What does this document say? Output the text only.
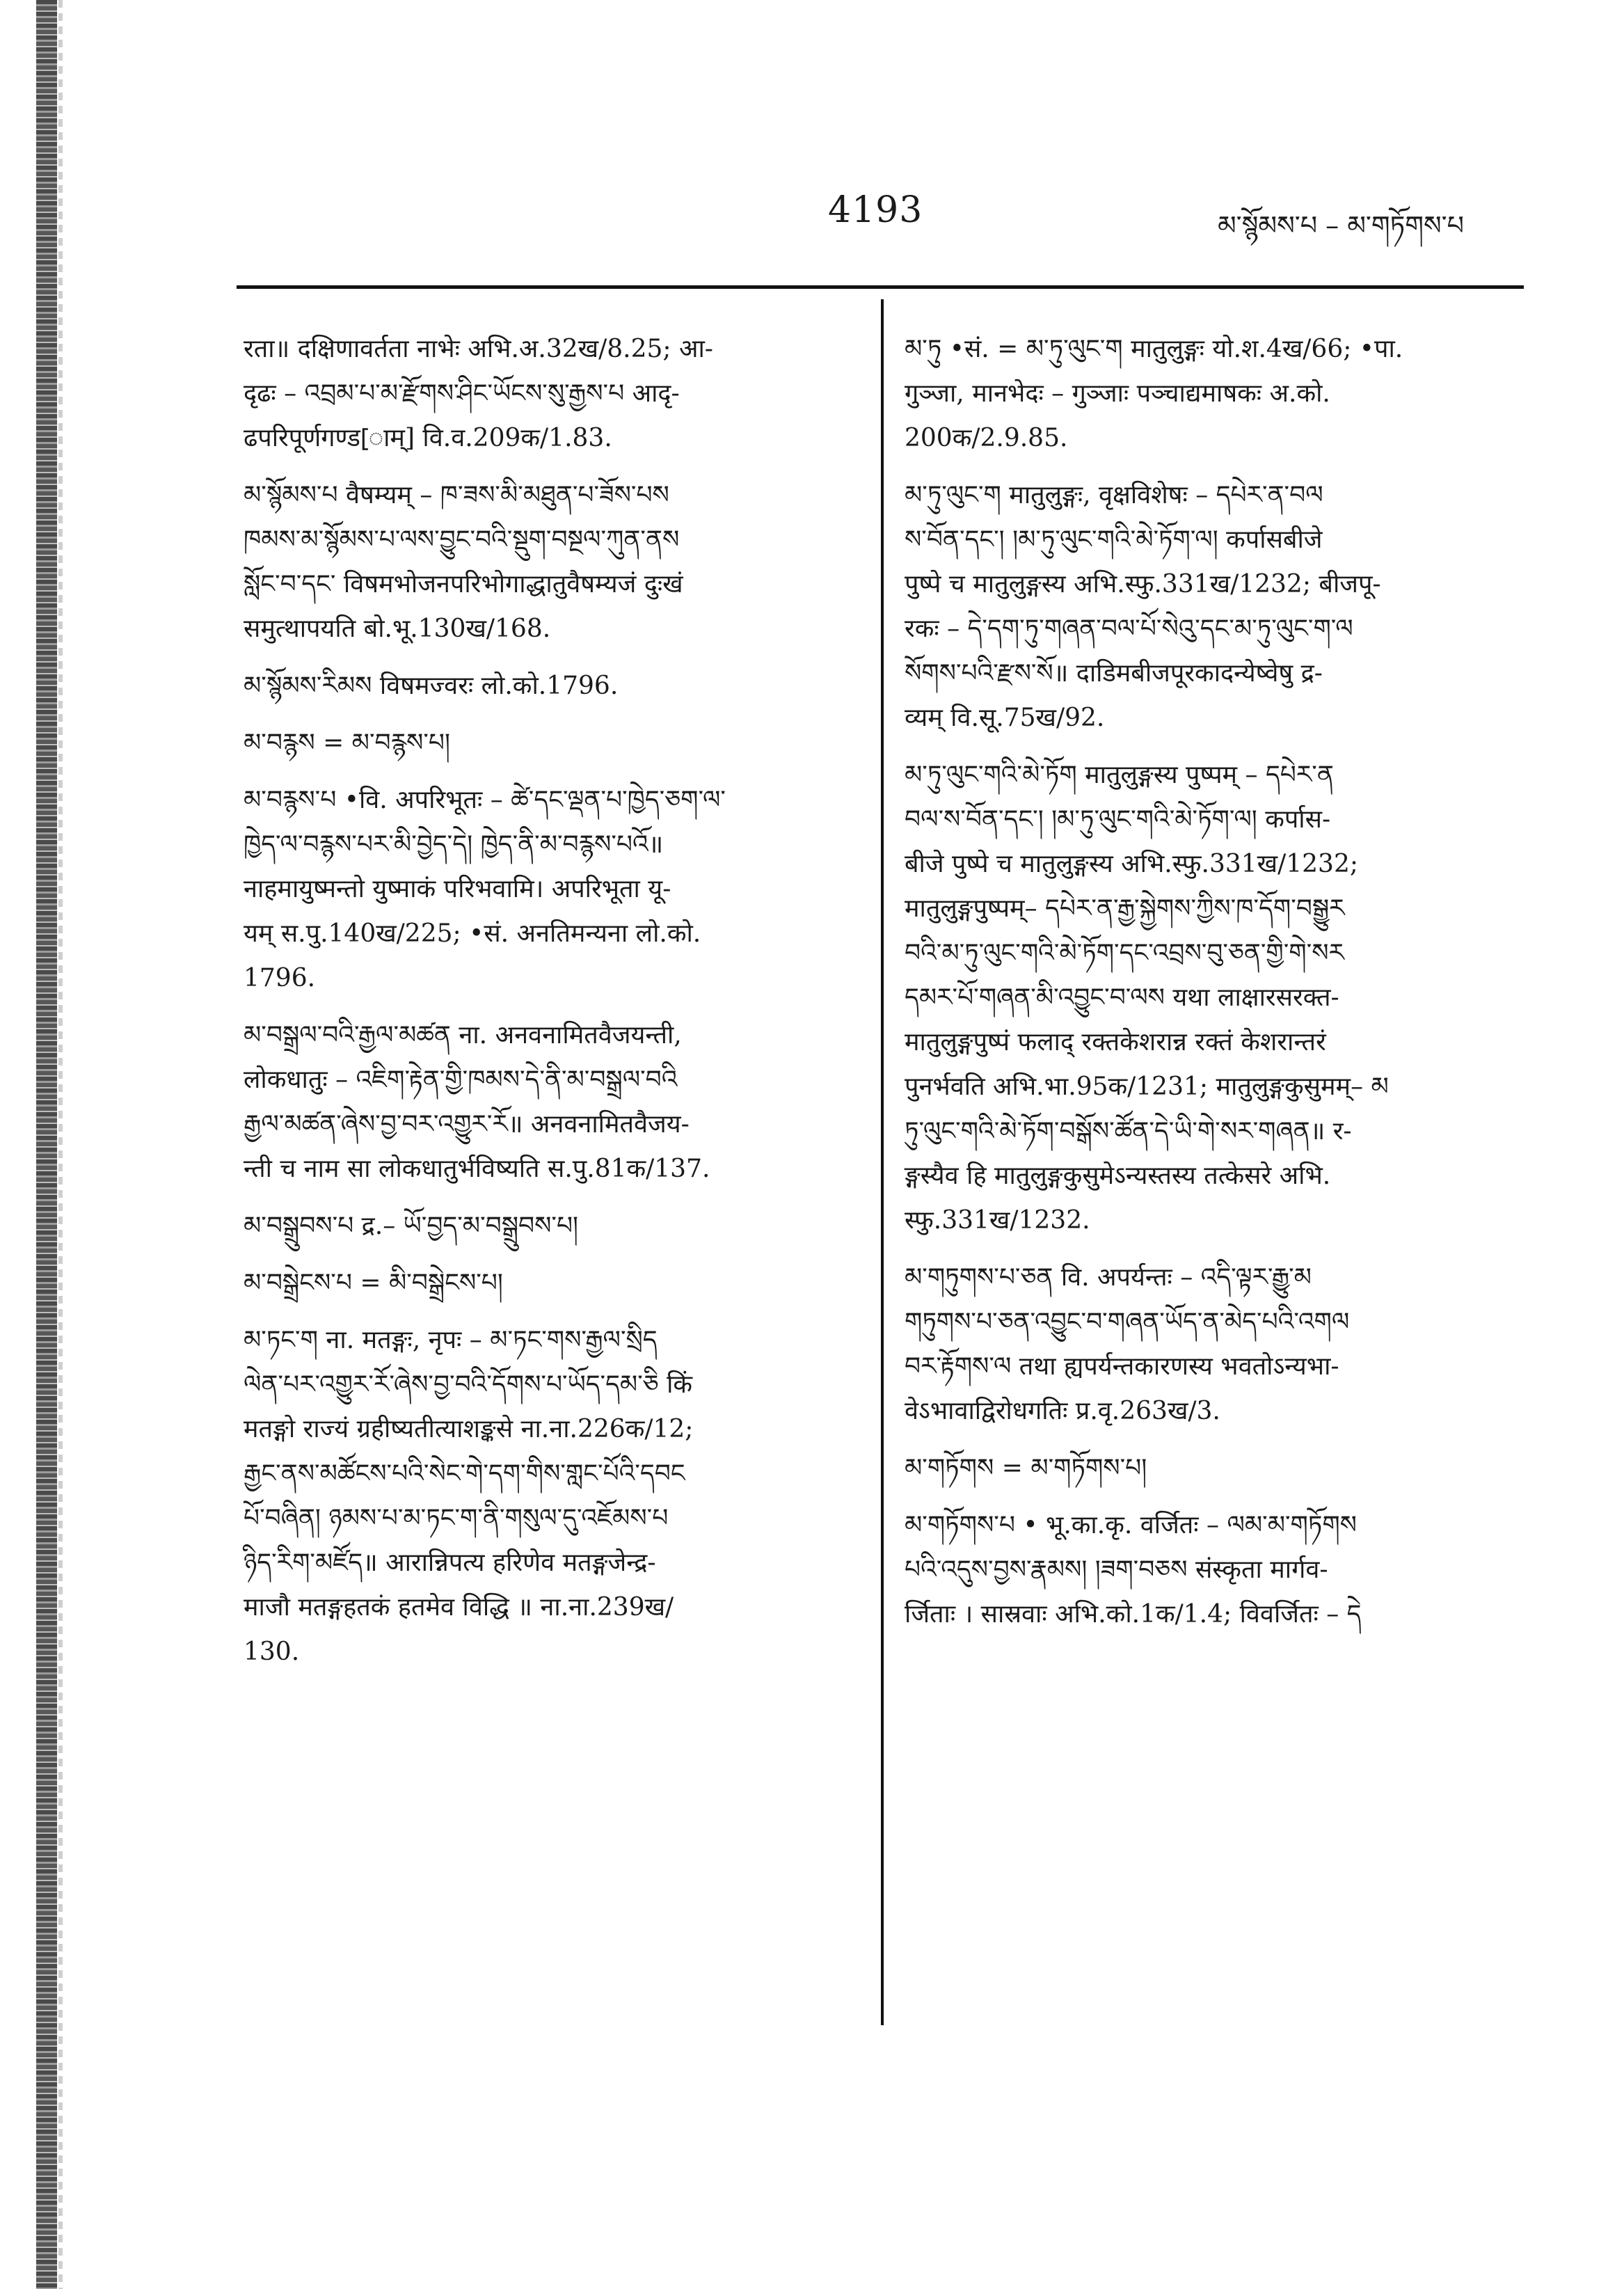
4193	མ་སྙོམས་པ – མ་གཏོགས་པ
रता॥ दक्षिणावर्तता नाभेः अभि.अ.32ख/8.25; आ-
दृढः – འབྲམ་པ་མ་རྫོགས་ཤིང་ཡོངས་སུ་རྒྱས་པ आदृ-
ढपरिपूर्णगण्ड[ाम्] वि.व.209क/1.83.
མ་སྙོམས་པ वैषम्यम् – ཁ་ཟས་མི་མཐུན་པ་ཟོས་པས
ཁམས་མ་སྙོམས་པ་ལས་བྱུང་བའི་སྡུག་བསྔལ་ཀུན་ནས
སློང་བ་དང་ विषमभोजनपरिभोगाद्धातुवैषम्यजं दुःखं
समुत्थापयति बो.भू.130ख/168.
མ་སྙོམས་རིམས विषमज्वरः लो.को.1796.
མ་བརྙས = མ་བརྙས་པ།
མ་བརྙས་པ •वि. अपरिभूतः – ཚེ་དང་ལྡན་པ་ཁྱེད་ཅག་ལ་
ཁྱེད་ལ་བརྙས་པར་མི་བྱེད་དེ། ཁྱེད་ནི་མ་བརྙས་པའོ॥
नाहमायुष्मन्तो युष्माकं परिभवामि। अपरिभूता यू-
यम् स.पु.140ख/225; •सं. अनतिमन्यना लो.को.
1796.
མ་བསྒྲལ་བའི་རྒྱལ་མཚན ना. अनवनामितवैजयन्ती,
लोकधातुः – འཇིག་རྟེན་གྱི་ཁམས་དེ་ནི་མ་བསྒྲལ་བའི
རྒྱལ་མཚན་ཞེས་བྱ་བར་འགྱུར་རོ॥ अनवनामितवैजय-
न्ती च नाम सा लोकधातुर्भविष्यति स.पु.81क/137.
མ་བསྒྲུབས་པ द्र.– ཡོ་བྱད་མ་བསྒྲུབས་པ།
མ་བསྒྲེངས་པ = མི་བསྒྲེངས་པ།
མ་ཏང་ག ना. मतङ्गः, नृपः – མ་ཏང་གས་རྒྱལ་སྲིད
ལེན་པར་འགྱུར་རོ་ཞེས་བྱ་བའི་དོགས་པ་ཡོད་དམ་ཅི किं
मतङ्गो राज्यं ग्रहीष्यतीत्याशङ्कसे ना.ना.226क/12;
རྒྱང་ནས་མཚོངས་པའི་སེང་གེ་དག་གིས་གླང་པོའི་དབང
པོ་བཞིན། ཉམས་པ་མ་ཏང་ག་ནི་གསུལ་དུ་འཇོམས་པ
ཉིད་རིག་མཛོད॥ आरान्निपत्य हरिणेव मतङ्गजेन्द्र-
माजौ मतङ्गहतकं हतमेव विद्धि ॥ ना.ना.239ख/
130.
མ་ཏུ •सं. = མ་ཏུ་ལུང་ག मातुलुङ्गः यो.श.4ख/66; •पा.
गुञ्जा, मानभेदः – गुञ्जाः पञ्चाद्यमाषकः अ.को.
200क/2.9.85.
མ་ཏུ་ལུང་ག मातुलुङ्गः, वृक्षविशेषः – དཔེར་ན་བལ
ས་བོན་དང་། །མ་ཏུ་ལུང་གའི་མེ་ཏོག་ལ། कर्पासबीजे
पुष्पे च मातुलुङ्गस्य अभि.स्फु.331ख/1232; बीजपू-
रकः – དེ་དག་ཏུ་གཞན་བལ་པོ་སེའུ་དང་མ་ཏུ་ལུང་ག་ལ
སོགས་པའི་རྫས་སོ॥ दाडिमबीजपूरकादन्येष्वेषु द्र-
व्यम् वि.सू.75ख/92.
མ་ཏུ་ལུང་གའི་མེ་ཏོག मातुलुङ्गस्य पुष्पम् – དཔེར་ན
བལ་ས་བོན་དང་། །མ་ཏུ་ལུང་གའི་མེ་ཏོག་ལ། कर्पास-
बीजे पुष्पे च मातुलुङ्गस्य अभि.स्फु.331ख/1232;
मातुलुङ्गपुष्पम्– དཔེར་ན་རྒྱ་སྐྱེགས་ཀྱིས་ཁ་དོག་བསྒྱུར
བའི་མ་ཏུ་ལུང་གའི་མེ་ཏོག་དང་འབྲས་བུ་ཅན་གྱི་གེ་སར
དམར་པོ་གཞན་མི་འབྱུང་བ་ལས यथा लाक्षारसरक्त-
मातुलुङ्गपुष्पं फलाद् रक्तकेशरान्न रक्तं केशरान्तरं
पुनर्भवति अभि.भा.95क/1231; मातुलुङ्गकुसुमम्– མ
ཏུ་ལུང་གའི་མེ་ཏོག་བསྒོས་ཚོན་དེ་ཡི་གེ་སར་གཞན॥ र-
ङ्गस्यैव हि मातुलुङ्गकुसुमेऽन्यस्तस्य तत्केसरे अभि.
स्फु.331ख/1232.
མ་གཏུགས་པ་ཅན वि. अपर्यन्तः – འདི་ལྟར་རྒྱུ་མ
གཏུགས་པ་ཅན་འབྱུང་བ་གཞན་ཡོད་ན་མེད་པའི་འགལ
བར་རྟོགས་ལ तथा ह्यपर्यन्तकारणस्य भवतोऽन्यभा-
वेऽभावाद्विरोधगतिः प्र.वृ.263ख/3.
མ་གཏོགས = མ་གཏོགས་པ།
མ་གཏོགས་པ • भू.का.कृ. वर्जितः – ལམ་མ་གཏོགས
པའི་འདུས་བྱས་རྣམས། །ཟག་བཅས संस्कृता मार्गव-
र्जिताः । सास्रवाः अभि.को.1क/1.4; विवर्जितः – དེ
